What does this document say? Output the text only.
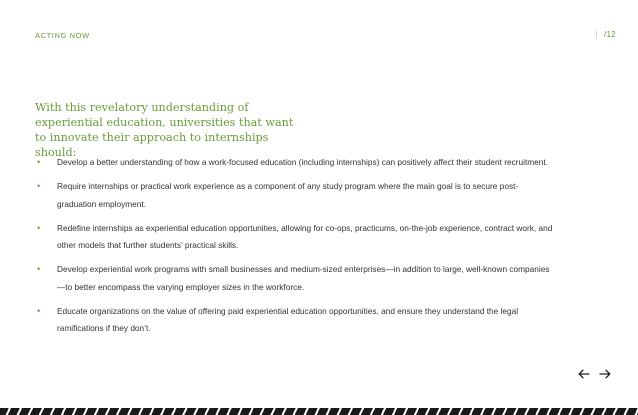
ACTING NOW	| /12

With this revelatory understanding of experiential education, universities that want to innovate their approach to internships should:

• Develop a better understanding of how a work-focused education (including internships) can positively affect their student recruitment.
• Require internships or practical work experience as a component of any study program where the main goal is to secure post-graduation employment.
• Redefine internships as experiential education opportunities, allowing for co-ops, practicums, on-the-job experience, contract work, and other models that further students’ practical skills.
• Develop experiential work programs with small businesses and medium-sized enterprises—in addition to large, well-known companies—to better encompass the varying employer sizes in the workforce.
• Educate organizations on the value of offering paid experiential education opportunities, and ensure they understand the legal ramifications if they don’t.
